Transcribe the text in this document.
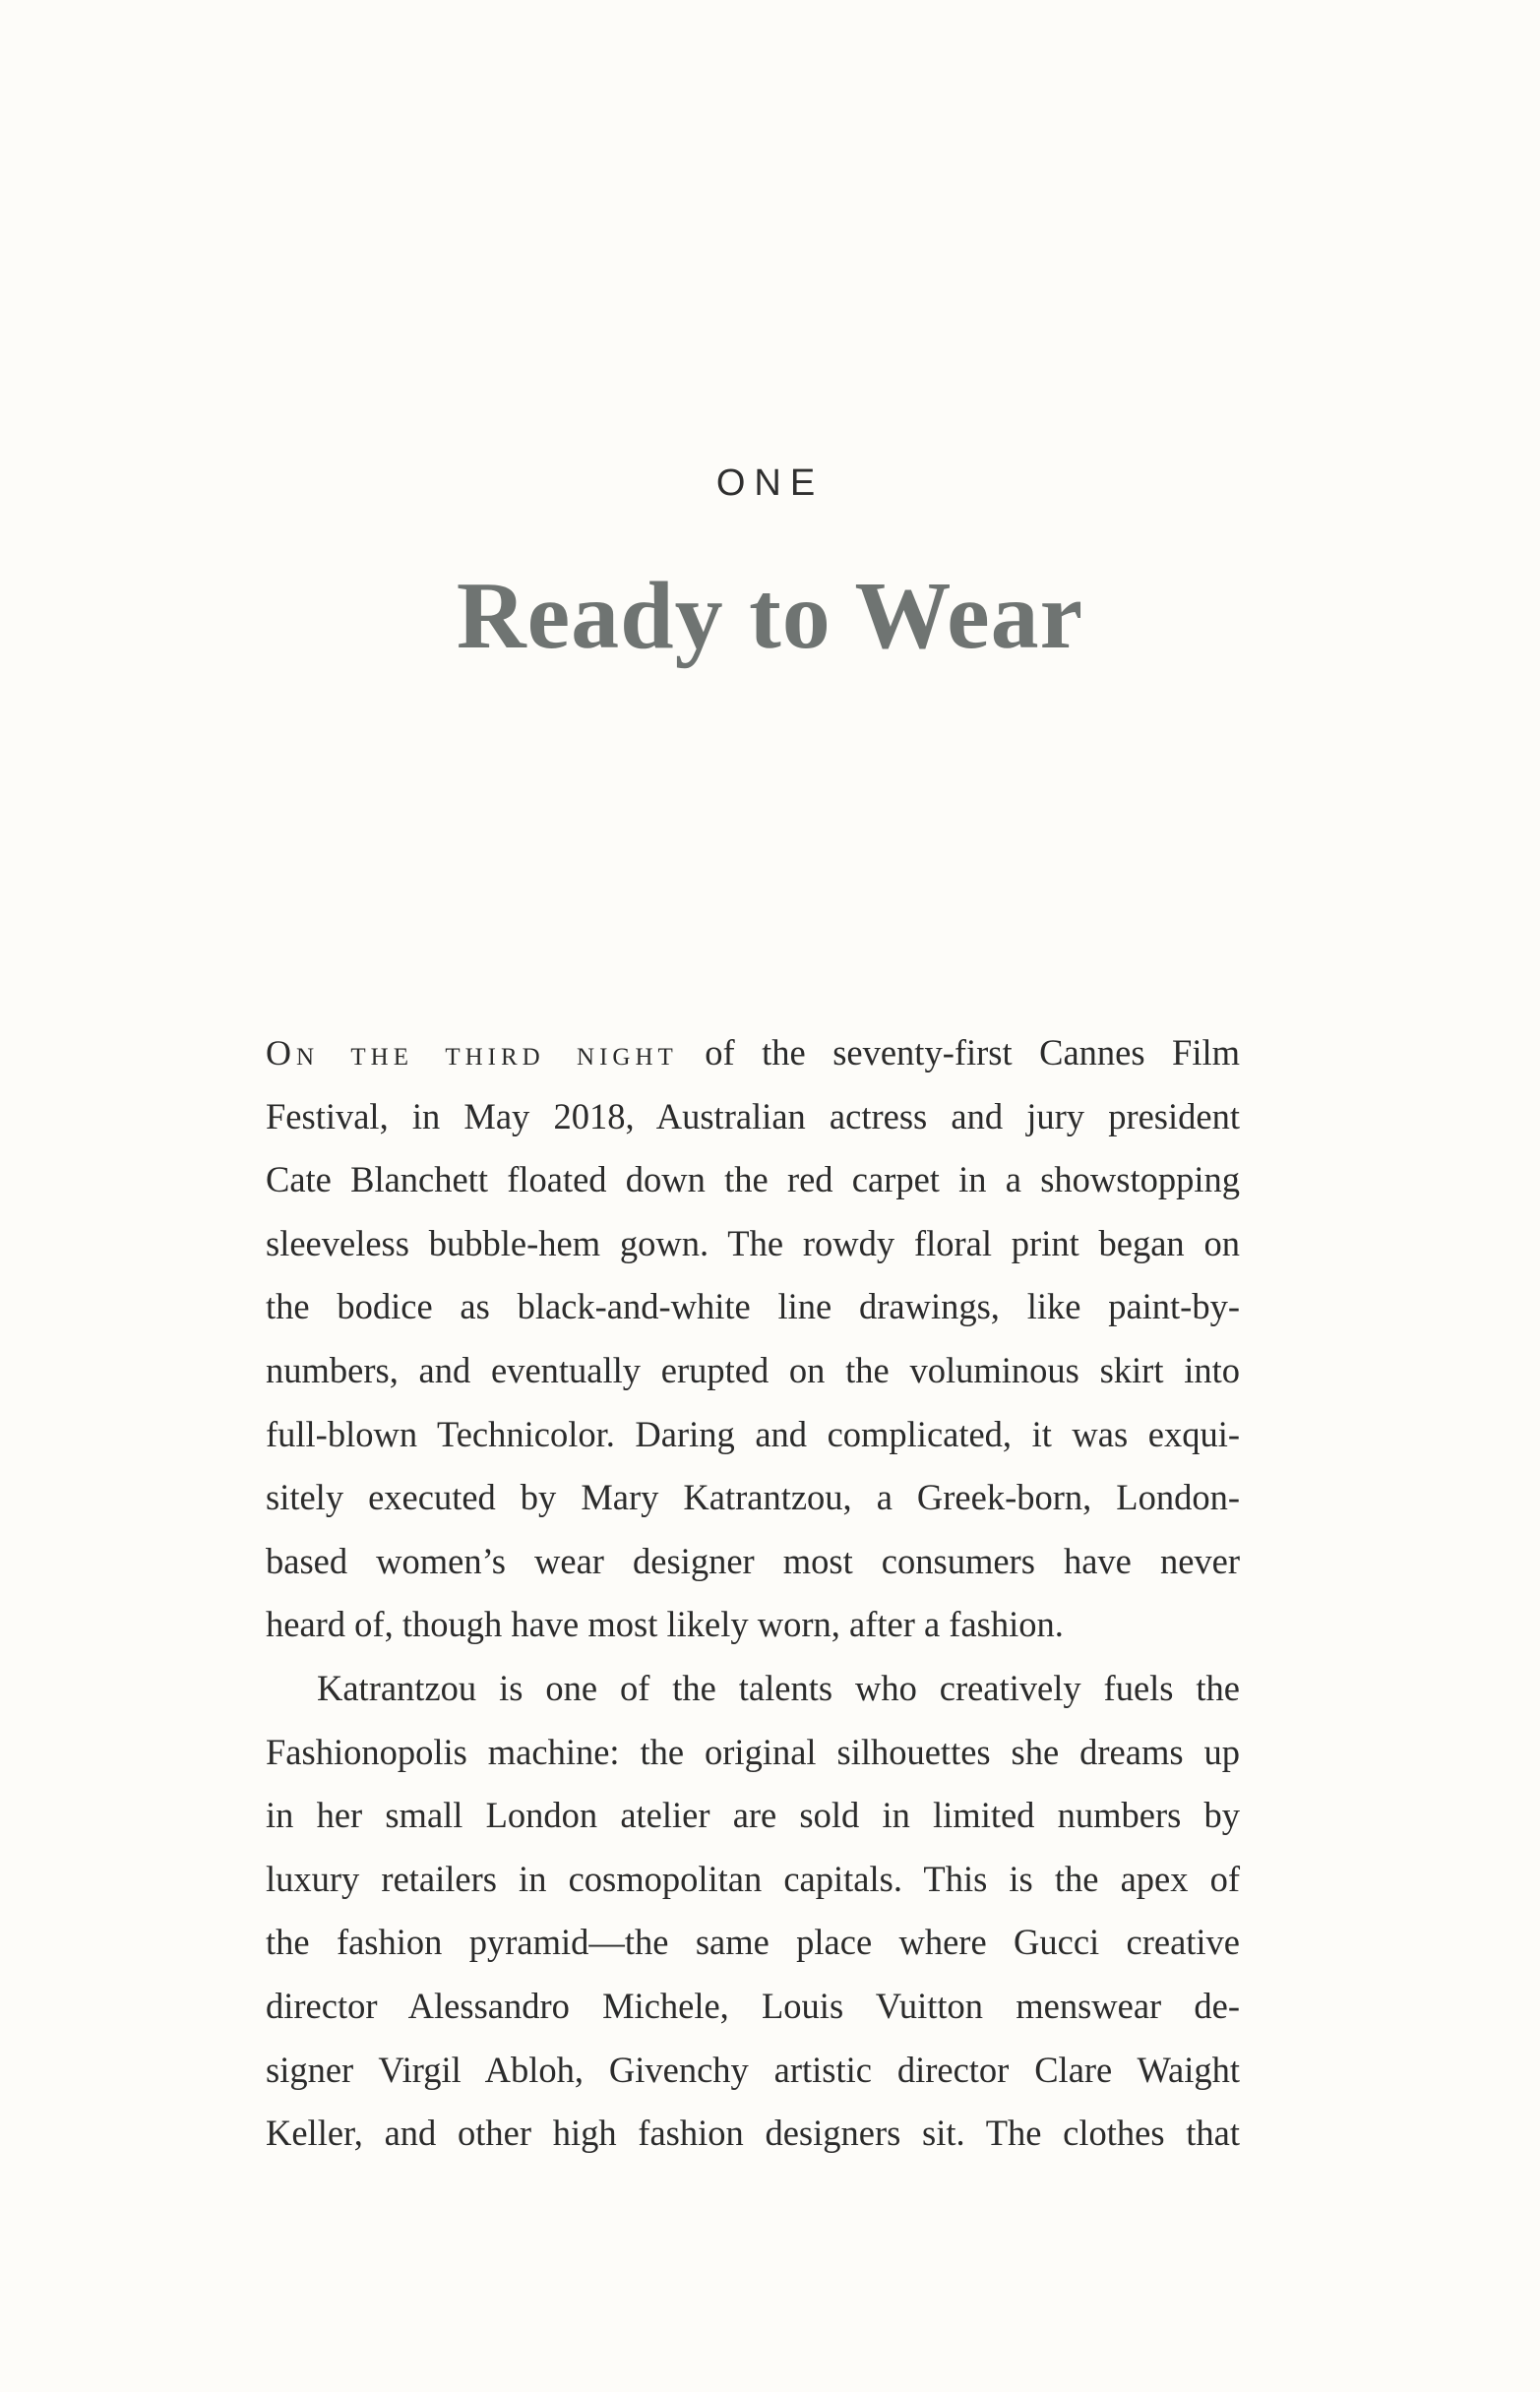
ONE
Ready to Wear
On the third night of the seventy-first Cannes Film
Festival, in May 2018, Australian actress and jury president
Cate Blanchett floated down the red carpet in a showstopping
sleeveless bubble-hem gown. The rowdy floral print began on
the bodice as black-and-white line drawings, like paint-by-
numbers, and eventually erupted on the voluminous skirt into
full-blown Technicolor. Daring and complicated, it was exqui-
sitely executed by Mary Katrantzou, a Greek-born, London-
based women’s wear designer most consumers have never
heard of, though have most likely worn, after a fashion.
Katrantzou is one of the talents who creatively fuels the
Fashionopolis machine: the original silhouettes she dreams up
in her small London atelier are sold in limited numbers by
luxury retailers in cosmopolitan capitals. This is the apex of
the fashion pyramid—the same place where Gucci creative
director Alessandro Michele, Louis Vuitton menswear de-
signer Virgil Abloh, Givenchy artistic director Clare Waight
Keller, and other high fashion designers sit. The clothes that
